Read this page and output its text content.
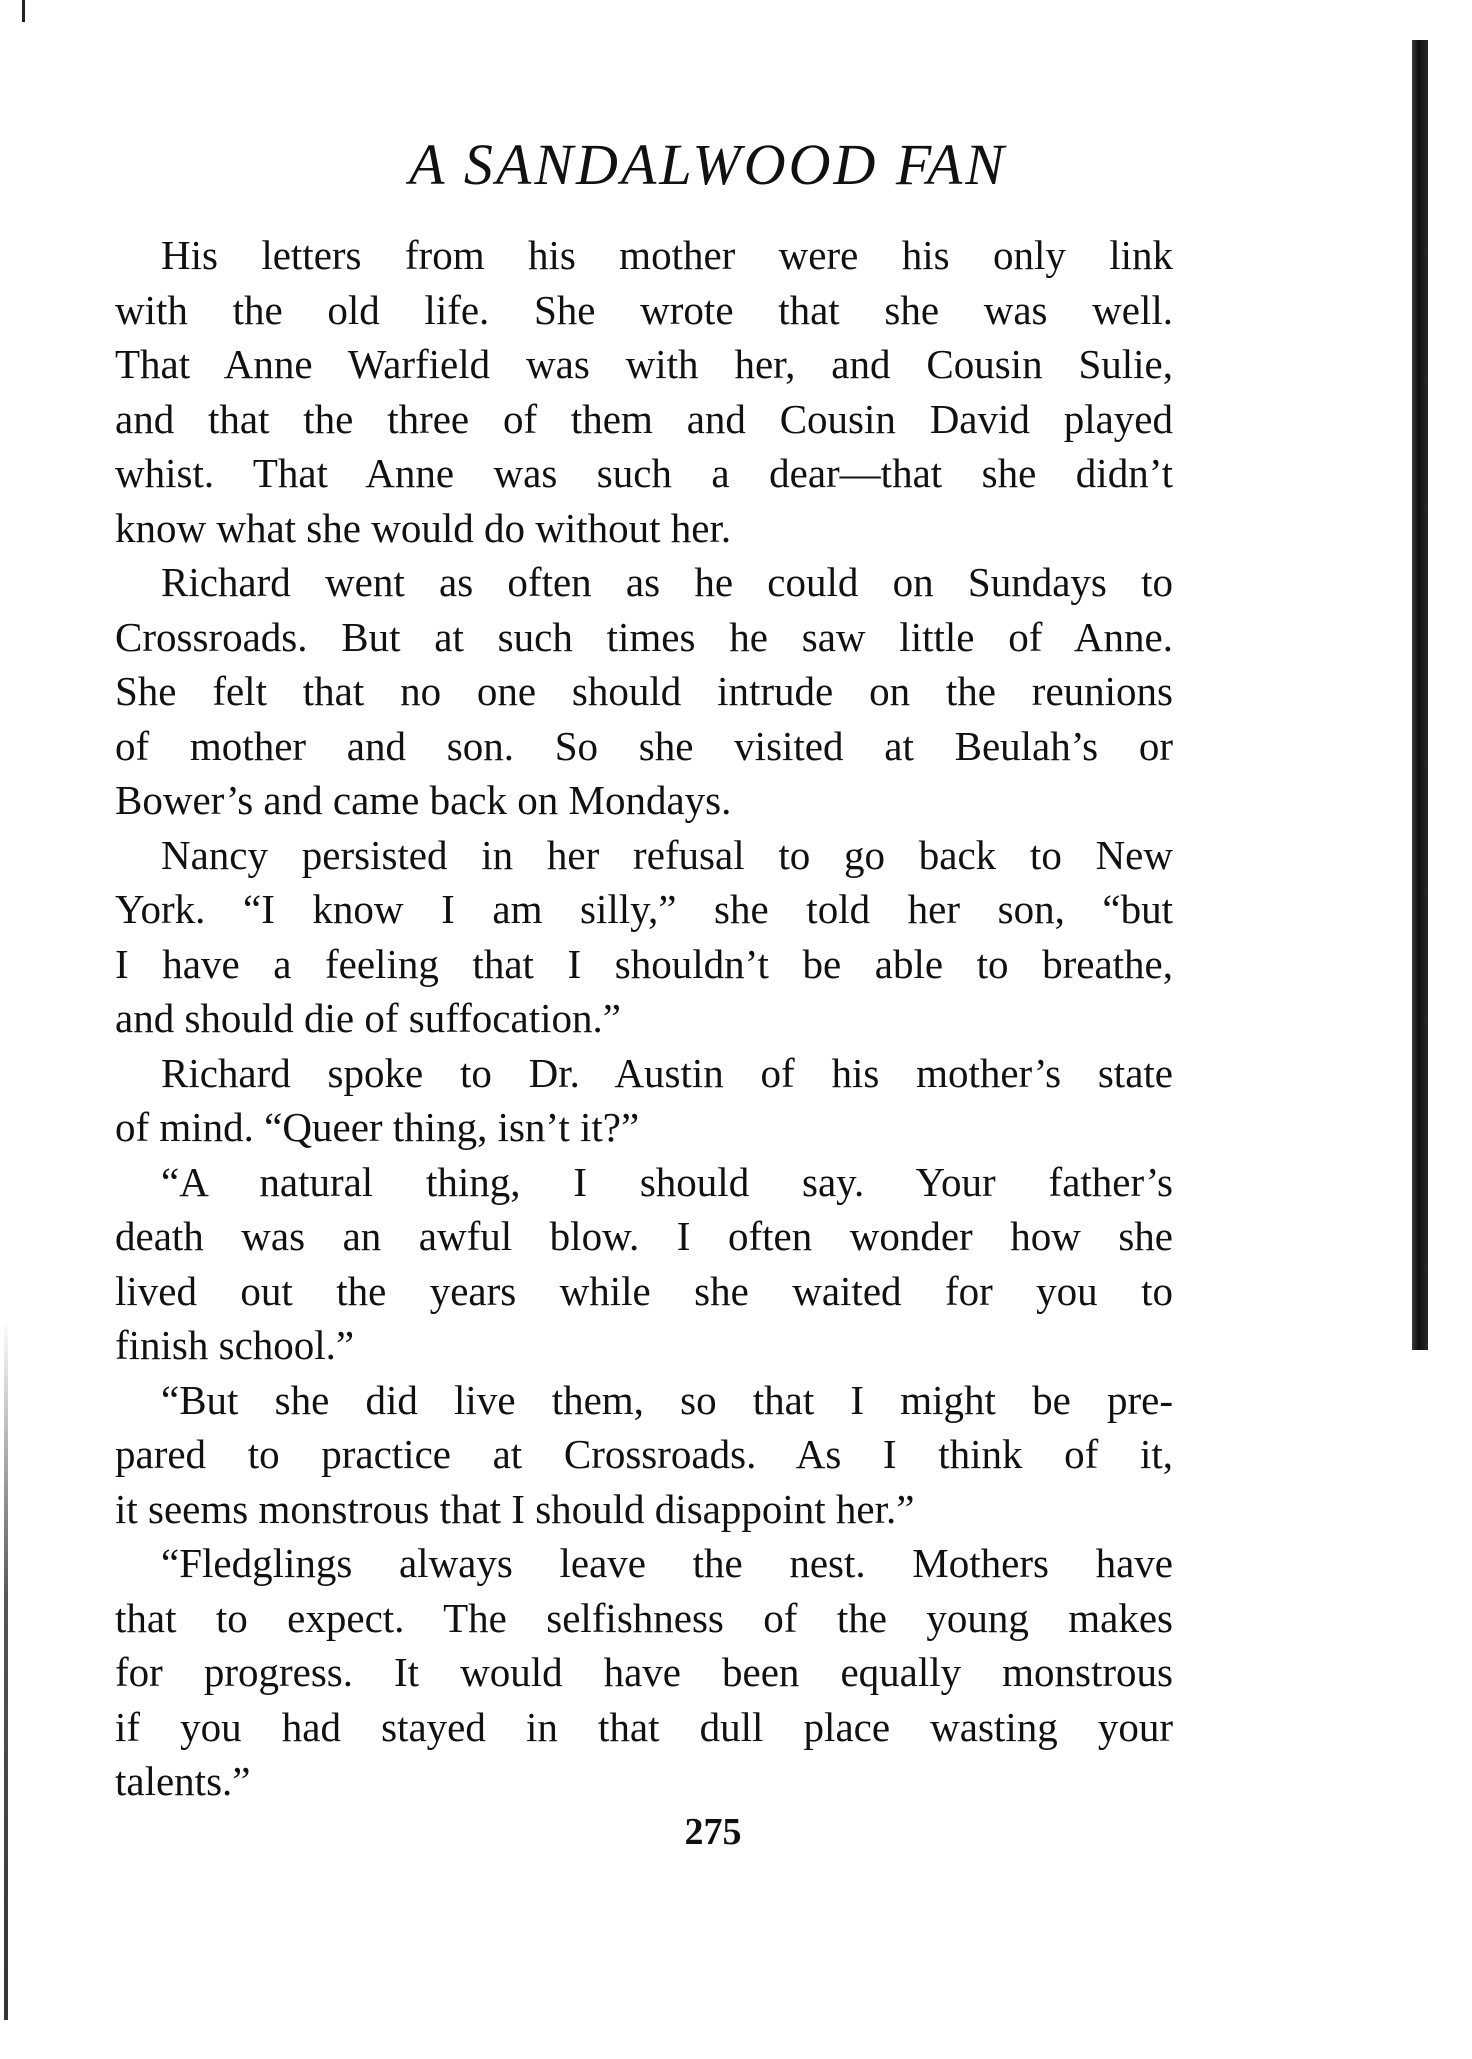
A SANDALWOOD FAN
His letters from his mother were his only link
with the old life. She wrote that she was well.
That Anne Warfield was with her, and Cousin Sulie,
and that the three of them and Cousin David played
whist. That Anne was such a dear—that she didn’t
know what she would do without her.
Richard went as often as he could on Sundays to
Crossroads. But at such times he saw little of Anne.
She felt that no one should intrude on the reunions
of mother and son. So she visited at Beulah’s or
Bower’s and came back on Mondays.
Nancy persisted in her refusal to go back to New
York. “I know I am silly,” she told her son, “but
I have a feeling that I shouldn’t be able to breathe,
and should die of suffocation.”
Richard spoke to Dr. Austin of his mother’s state
of mind. “Queer thing, isn’t it?”
“A natural thing, I should say. Your father’s
death was an awful blow. I often wonder how she
lived out the years while she waited for you to
finish school.”
“But she did live them, so that I might be pre-
pared to practice at Crossroads. As I think of it,
it seems monstrous that I should disappoint her.”
“Fledglings always leave the nest. Mothers have
that to expect. The selfishness of the young makes
for progress. It would have been equally monstrous
if you had stayed in that dull place wasting your
talents.”
275
